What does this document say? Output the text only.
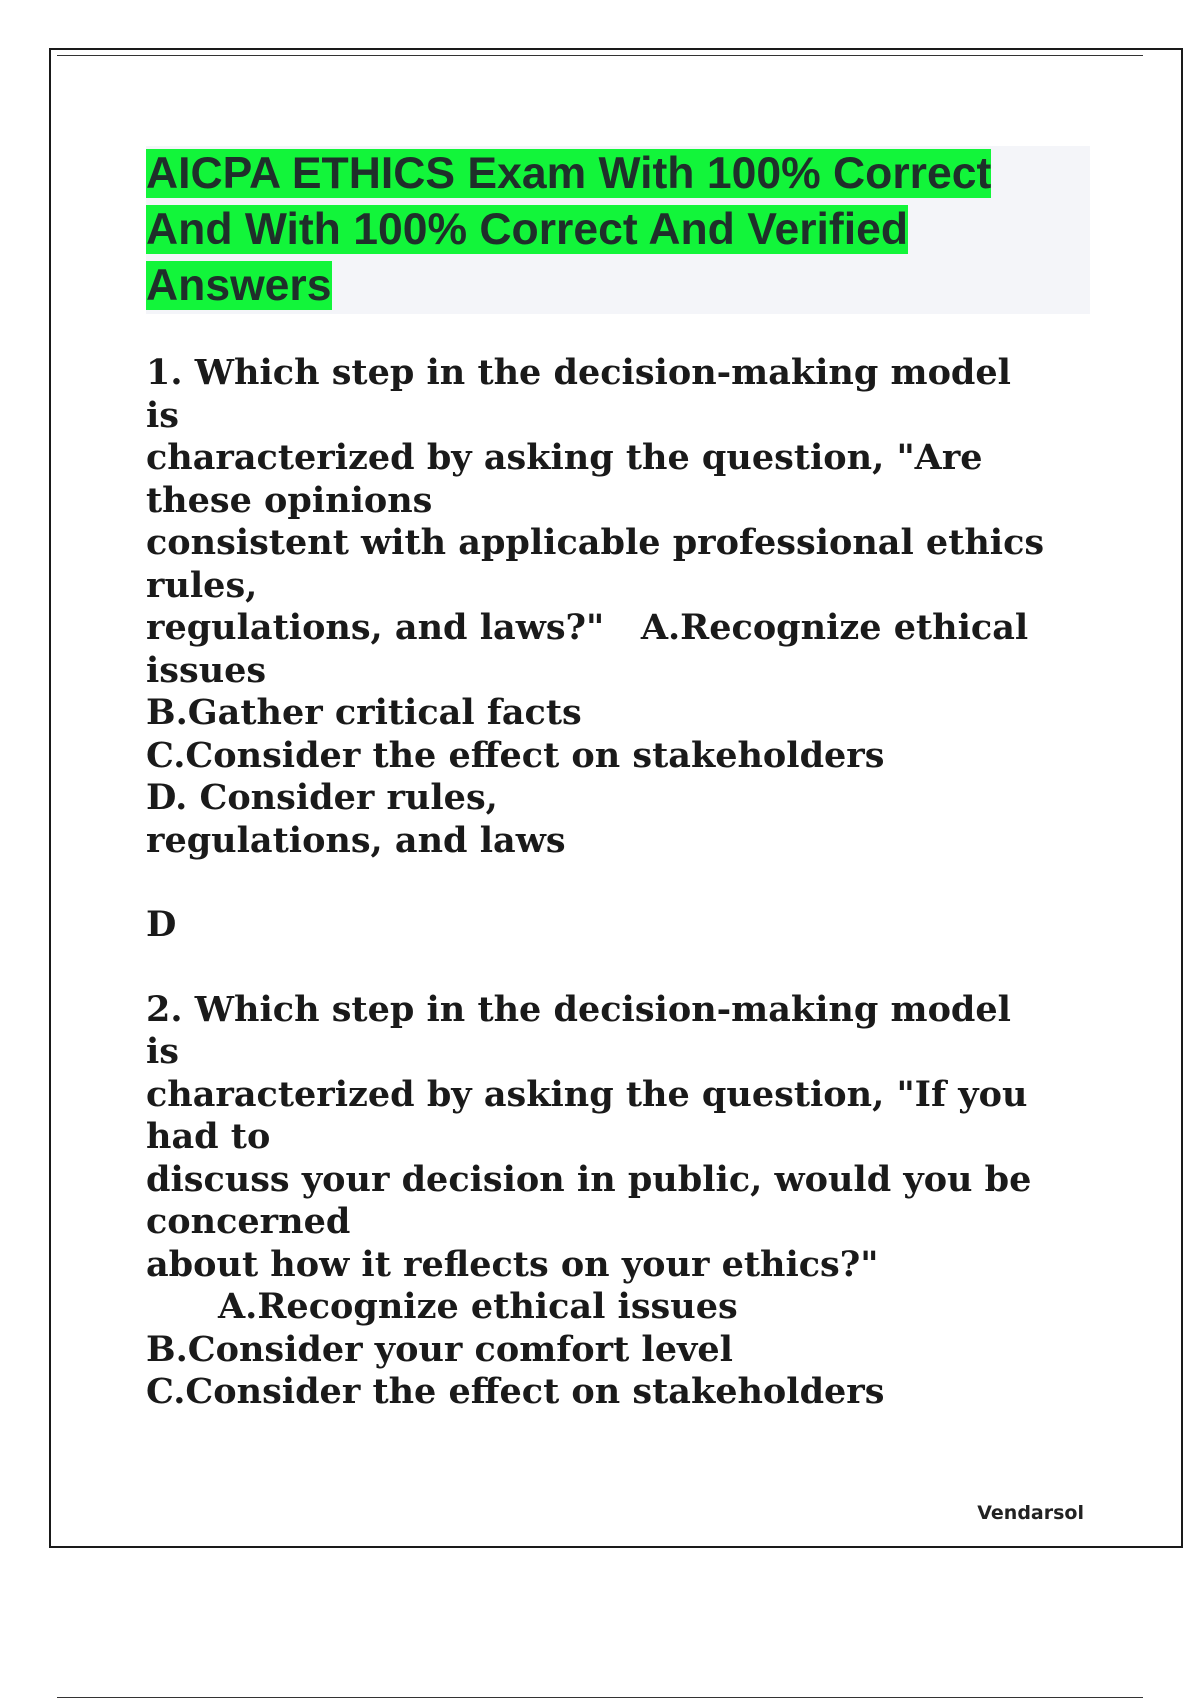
AICPA ETHICS Exam With 100% Correct
And With 100% Correct And Verified
Answers
1. Which step in the decision-making model
is
characterized by asking the question, "Are
these opinions
consistent with applicable professional ethics
rules,
regulations, and laws?"   A.Recognize ethical
issues
B.Gather critical facts
C.Consider the effect on stakeholders
D. Consider rules,
regulations, and laws
D
2. Which step in the decision-making model
is
characterized by asking the question, "If you
had to
discuss your decision in public, would you be
concerned
about how it reflects on your ethics?"
A.Recognize ethical issues
B.Consider your comfort level
C.Consider the effect on stakeholders
Vendarsol
